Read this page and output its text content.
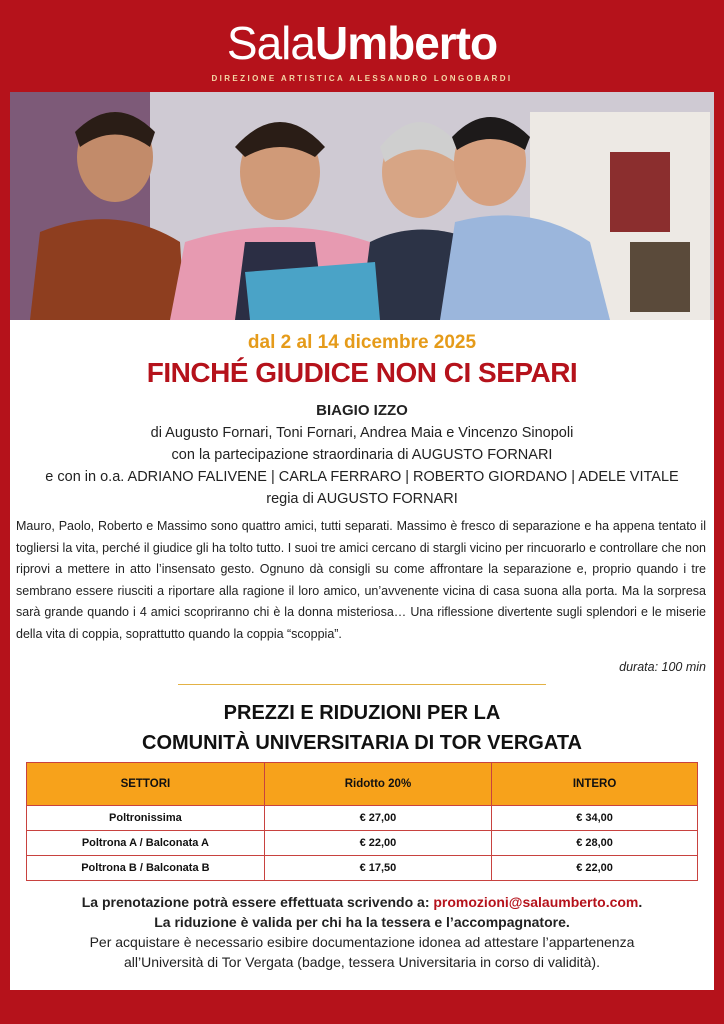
SalaUmberto
DIREZIONE ARTISTICA ALESSANDRO LONGOBARDI
dal 2 al 14 dicembre 2025
FINCHÉ GIUDICE NON CI SEPARI
BIAGIO IZZO
di Augusto Fornari, Toni Fornari, Andrea Maia e Vincenzo Sinopoli
con la partecipazione straordinaria di AUGUSTO FORNARI
e con in o.a. ADRIANO FALIVENE | CARLA FERRARO | ROBERTO GIORDANO | ADELE VITALE
regia di AUGUSTO FORNARI
Mauro, Paolo, Roberto e Massimo sono quattro amici, tutti separati. Massimo è fresco di separazione e ha appena tentato il togliersi la vita, perché il giudice gli ha tolto tutto. I suoi tre amici cercano di stargli vicino per rincuorarlo e controllare che non riprovi a mettere in atto l’insensato gesto. Ognuno dà consigli su come affrontare la separazione e, proprio quando i tre sembrano essere riusciti a riportare alla ragione il loro amico, un’avvenente vicina di casa suona alla porta. Ma la sorpresa sarà grande quando i 4 amici scopriranno chi è la donna misteriosa… Una riflessione divertente sugli splendori e le miserie della vita di coppia, soprattutto quando la coppia “scoppia”.
durata: 100 min
PREZZI E RIDUZIONI PER LA
COMUNITÀ UNIVERSITARIA DI TOR VERGATA
SETTORI	Ridotto 20%	INTERO
Poltronissima	€ 27,00	€ 34,00
Poltrona A / Balconata A	€ 22,00	€ 28,00
Poltrona B / Balconata B	€ 17,50	€ 22,00
La prenotazione potrà essere effettuata scrivendo a: promozioni@salaumberto.com.
La riduzione è valida per chi ha la tessera e l’accompagnatore.
Per acquistare è necessario esibire documentazione idonea ad attestare l’appartenenza
all’Università di Tor Vergata (badge, tessera Universitaria in corso di validità).
